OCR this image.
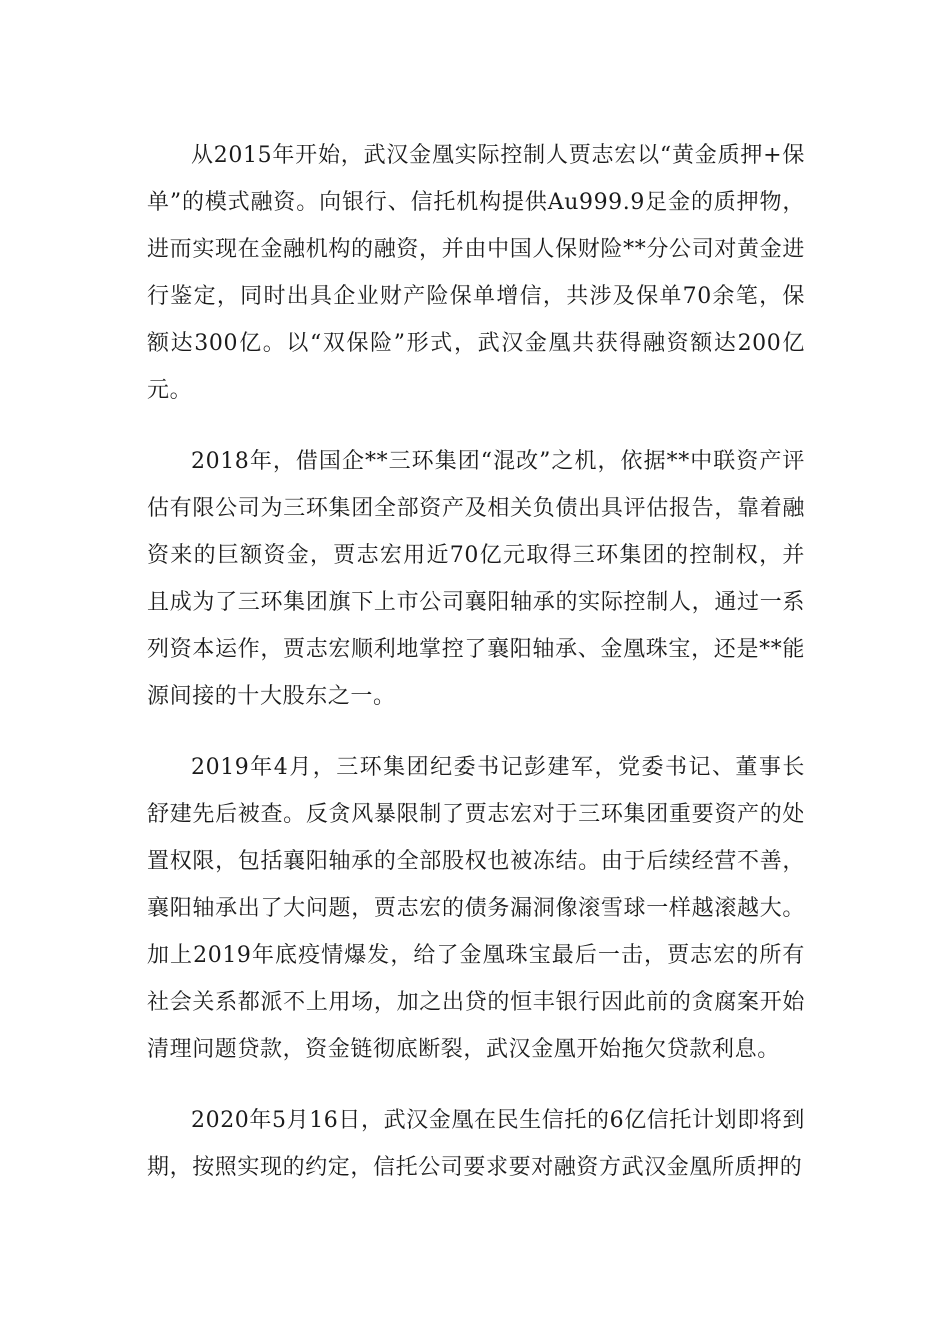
从2015年开始，武汉金凰实际控制人贾志宏以“黄金质押+保单”的模式融资。向银行、信托机构提供Au999.9足金的质押物，进而实现在金融机构的融资，并由中国人保财险**分公司对黄金进行鉴定，同时出具企业财产险保单增信，共涉及保单70余笔，保额达300亿。以“双保险”形式，武汉金凰共获得融资额达200亿元。

2018年，借国企**三环集团“混改”之机，依据**中联资产评估有限公司为三环集团全部资产及相关负债出具评估报告，靠着融资来的巨额资金，贾志宏用近70亿元取得三环集团的控制权，并且成为了三环集团旗下上市公司襄阳轴承的实际控制人，通过一系列资本运作，贾志宏顺利地掌控了襄阳轴承、金凰珠宝，还是**能源间接的十大股东之一。

2019年4月，三环集团纪委书记彭建军，党委书记、董事长舒建先后被查。反贪风暴限制了贾志宏对于三环集团重要资产的处置权限，包括襄阳轴承的全部股权也被冻结。由于后续经营不善，襄阳轴承出了大问题，贾志宏的债务漏洞像滚雪球一样越滚越大。加上2019年底疫情爆发，给了金凰珠宝最后一击，贾志宏的所有社会关系都派不上用场，加之出贷的恒丰银行因此前的贪腐案开始清理问题贷款，资金链彻底断裂，武汉金凰开始拖欠贷款利息。

2020年5月16日，武汉金凰在民生信托的6亿信托计划即将到期，按照实现的约定，信托公司要求要对融资方武汉金凰所质押的
